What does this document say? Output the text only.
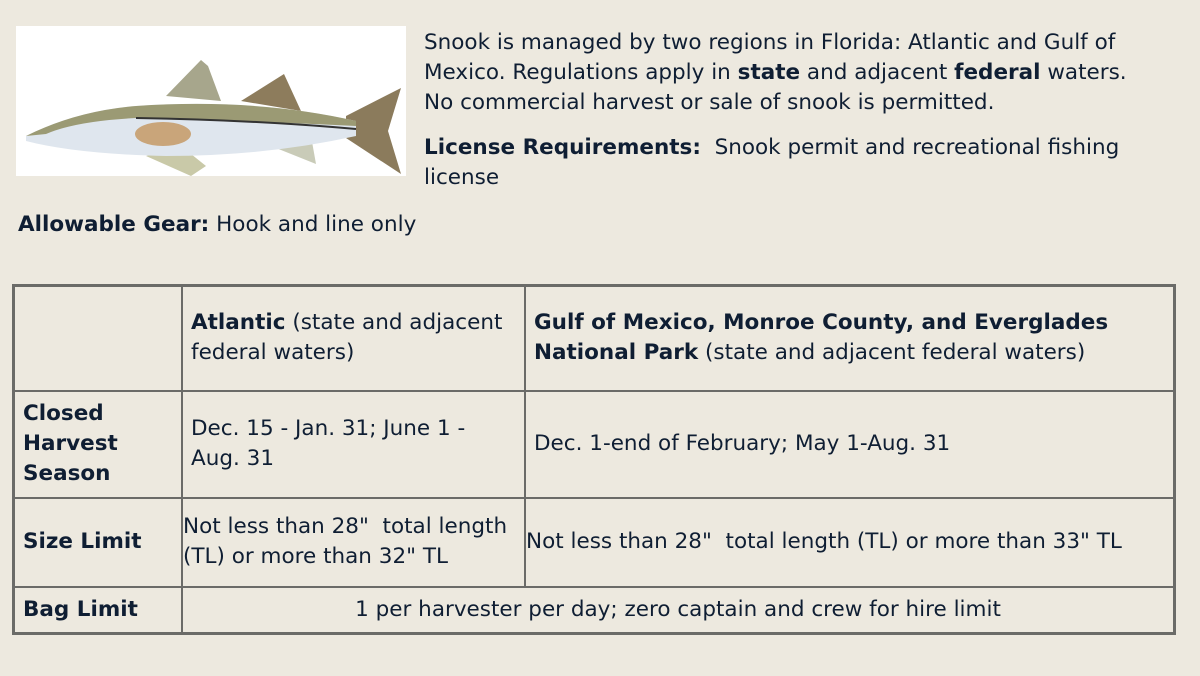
Snook is managed by two regions in Florida: Atlantic and Gulf of Mexico. Regulations apply in state and adjacent federal waters. No commercial harvest or sale of snook is permitted.

License Requirements:  Snook permit and recreational fishing license

Allowable Gear: Hook and line only

	Atlantic (state and adjacent federal waters)	Gulf of Mexico, Monroe County, and Everglades National Park (state and adjacent federal waters)
Closed Harvest Season	Dec. 15 - Jan. 31; June 1 - Aug. 31	Dec. 1-end of February; May 1-Aug. 31
Size Limit	Not less than 28"  total length (TL) or more than 32" TL	Not less than 28"  total length (TL) or more than 33" TL
Bag Limit	1 per harvester per day; zero captain and crew for hire limit	
